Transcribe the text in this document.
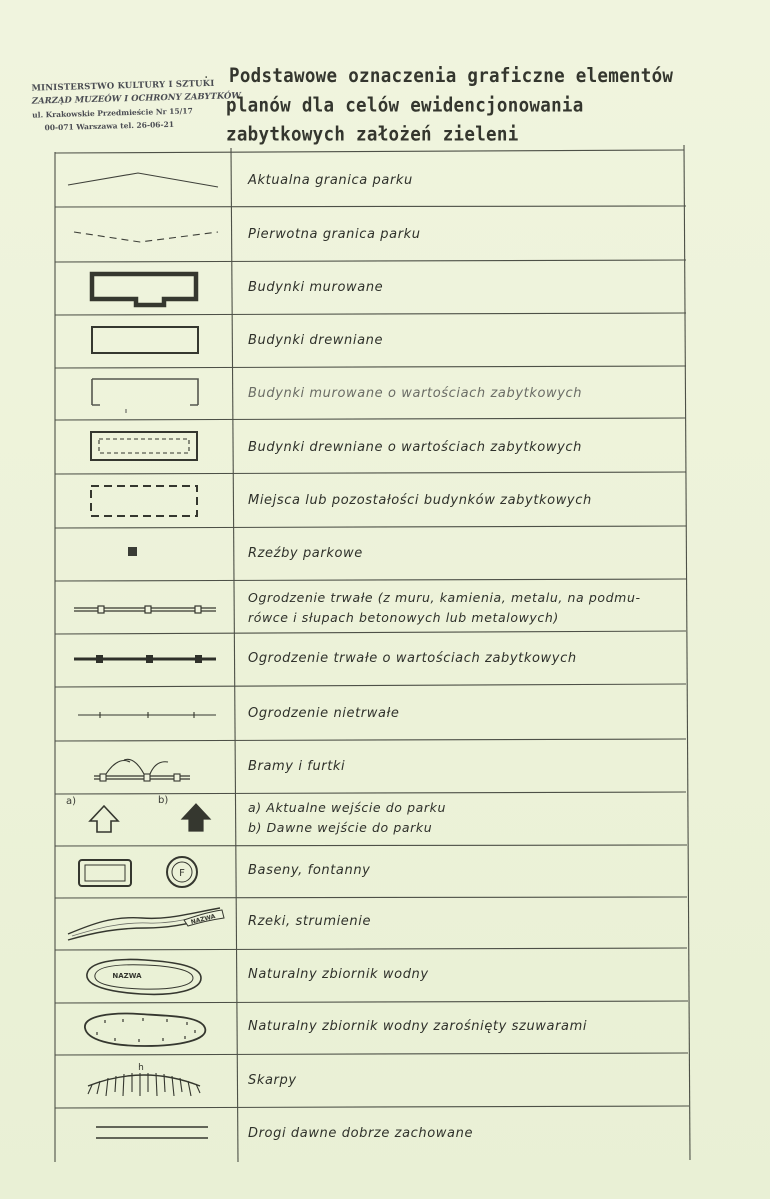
MINISTERSTWO KULTURY I SZTUKI
ZARZĄD MUZEÓW I OCHRONY ZABYTKÓW
ul. Krakowskie Przedmieście Nr 15/17
00-071 Warszawa tel. 26-06-21
. Podstawowe oznaczenia graficzne elementów
planów dla celów ewidencjonowania
zabytkowych założeń zieleni
Aktualna granica parku
Pierwotna granica parku
Budynki murowane
Budynki drewniane
Budynki murowane o wartościach zabytkowych
Budynki drewniane o wartościach zabytkowych
Miejsca lub pozostałości budynków zabytkowych
Rzeźby parkowe
Ogrodzenie trwałe (z muru, kamienia, metalu, na podmu-
rówce i słupach betonowych lub metalowych)
Ogrodzenie trwałe o wartościach zabytkowych
Ogrodzenie nietrwałe
Bramy i furtki
a)	b)	a) Aktualne wejście do parku
b) Dawne wejście do parku
F	Baseny, fontanny
NAZWA Rzeki, strumienie
NAZWA	Naturalny zbiornik wodny
Naturalny zbiornik wodny zarośnięty szuwarami
h
Skarpy
Drogi dawne dobrze zachowane
